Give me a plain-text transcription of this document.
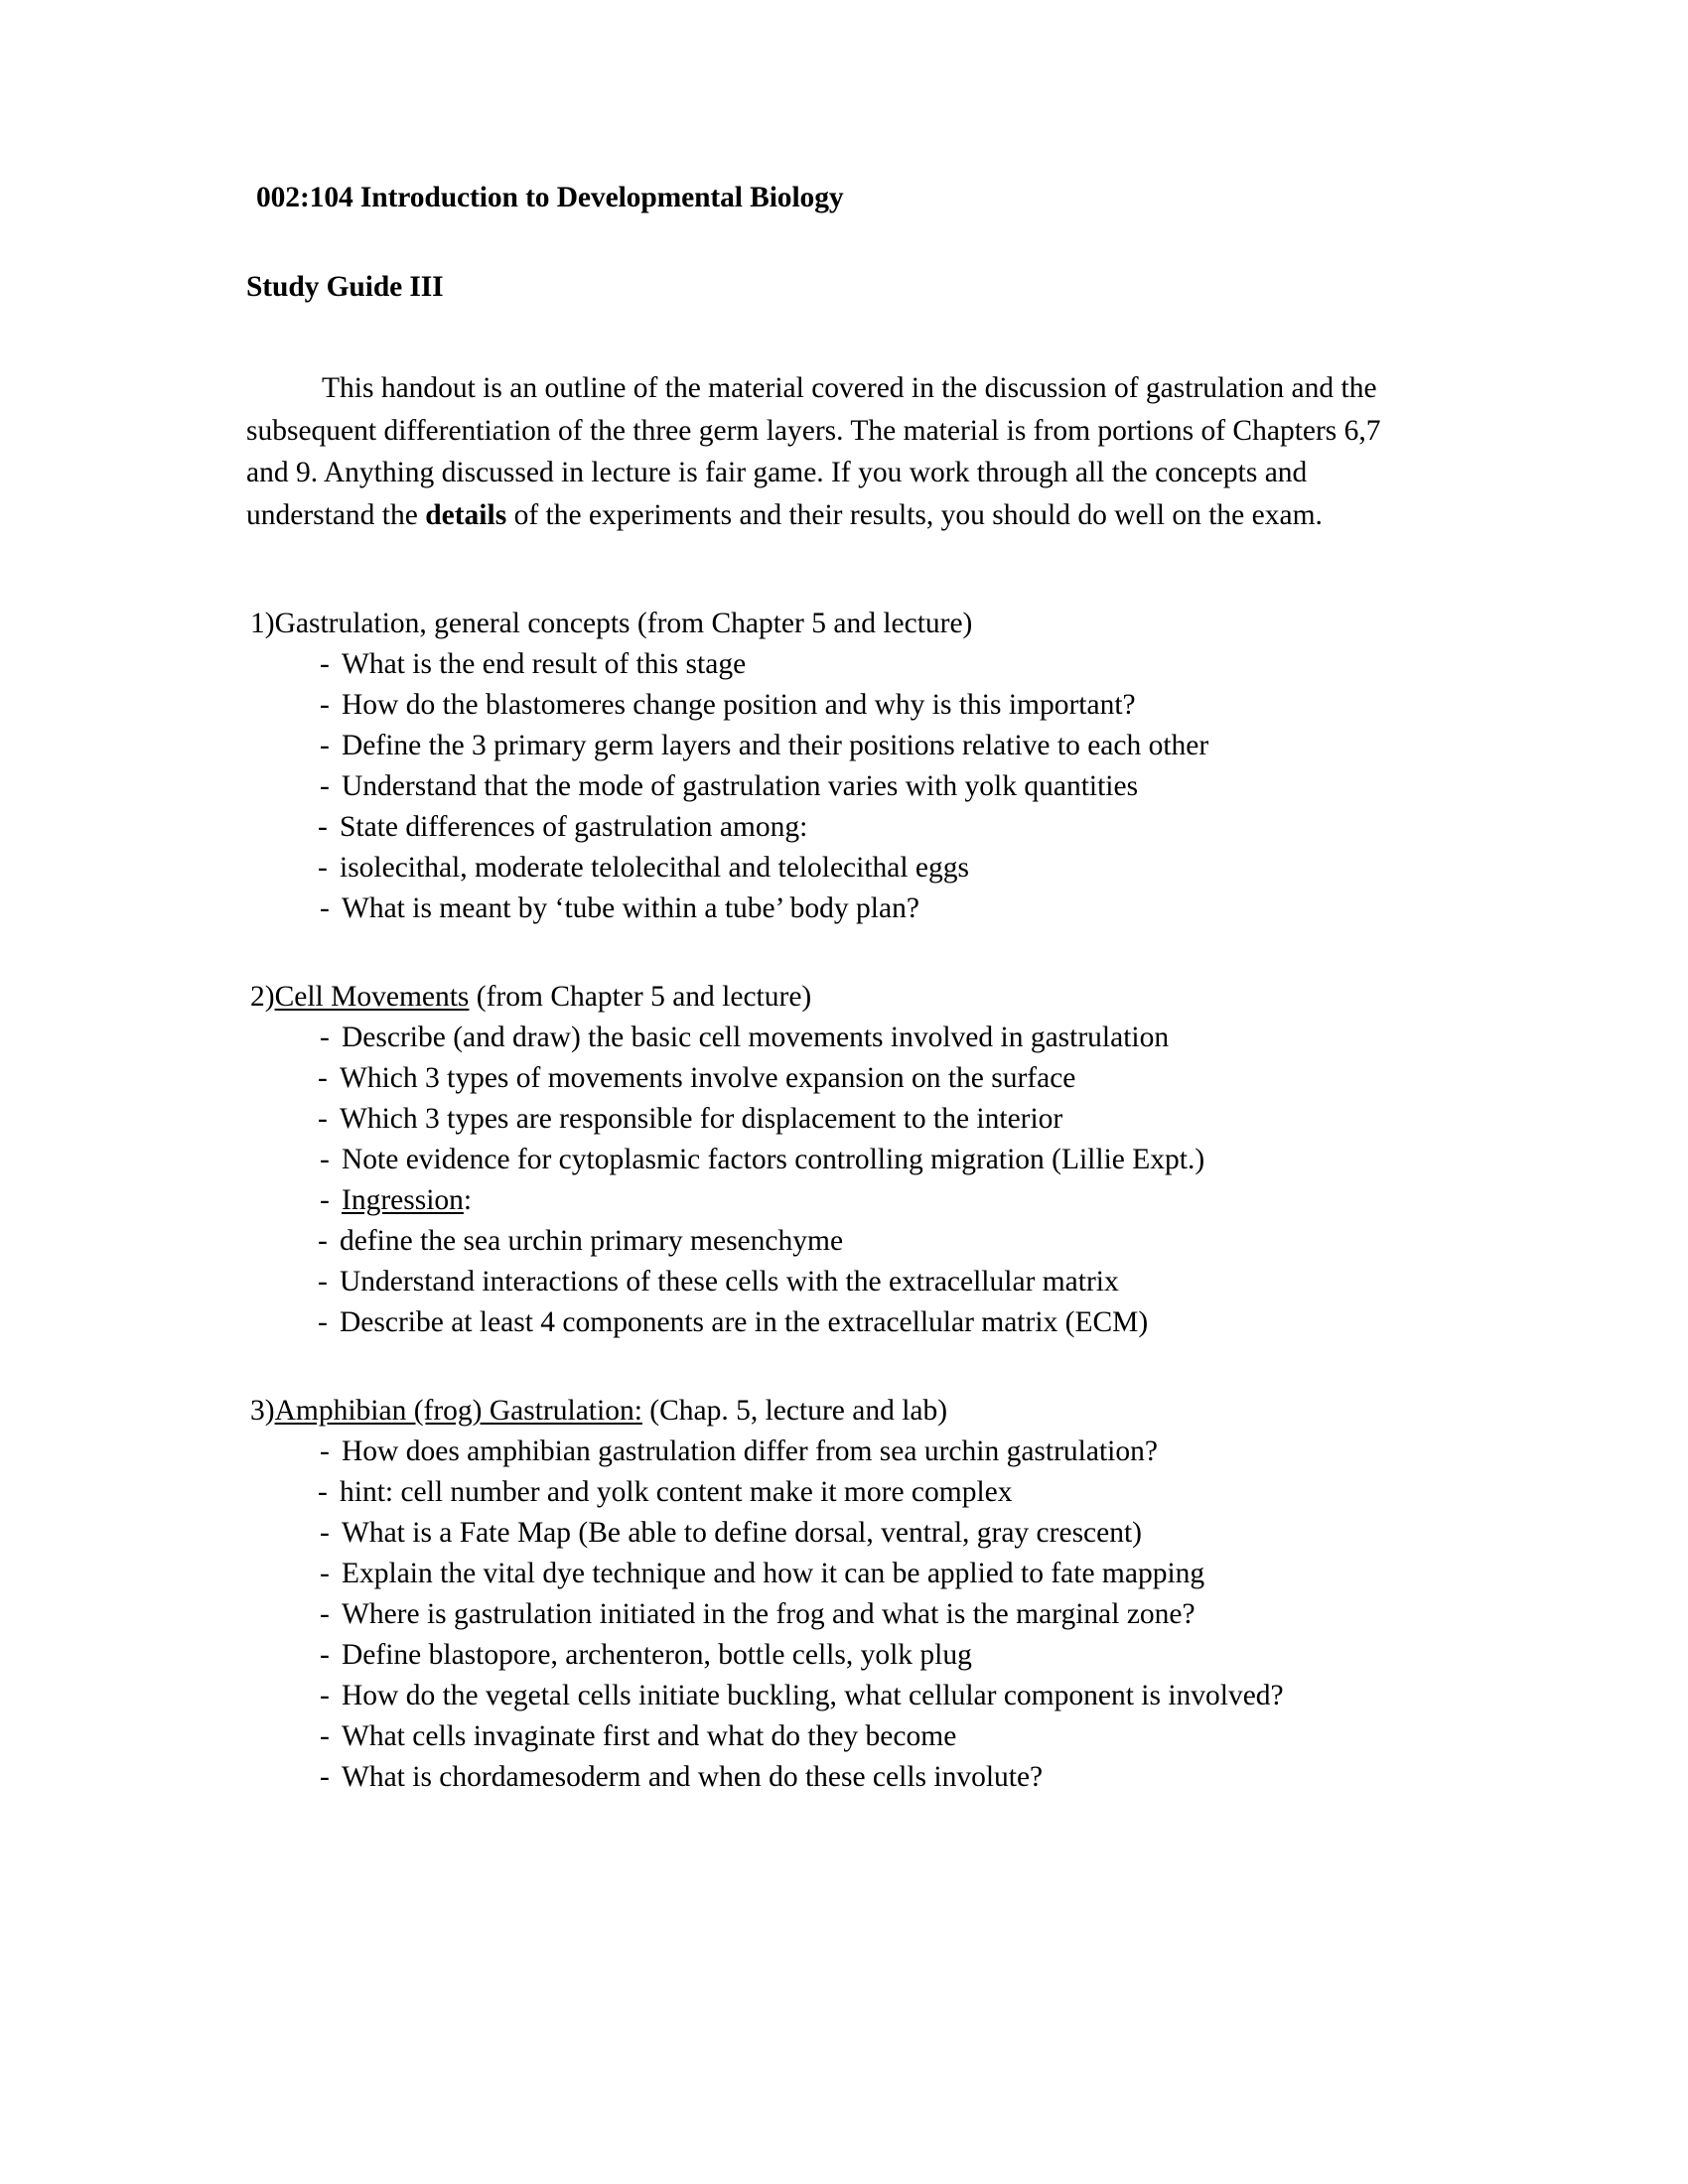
002:104 Introduction to Developmental Biology
Study Guide III

This handout is an outline of the material covered in the discussion of gastrulation and the subsequent differentiation of the three germ layers. The material is from portions of Chapters 6,7 and 9. Anything discussed in lecture is fair game. If you work through all the concepts and understand the details of the experiments and their results, you should do well on the exam.

1)Gastrulation, general concepts (from Chapter 5 and lecture)
- What is the end result of this stage
- How do the blastomeres change position and why is this important?
- Define the 3 primary germ layers and their positions relative to each other
- Understand that the mode of gastrulation varies with yolk quantities
- State differences of gastrulation among:
- isolecithal, moderate telolecithal and telolecithal eggs
- What is meant by ‘tube within a tube’ body plan?
2)Cell Movements (from Chapter 5 and lecture)
- Describe (and draw) the basic cell movements involved in gastrulation
- Which 3 types of movements involve expansion on the surface
- Which 3 types are responsible for displacement to the interior
- Note evidence for cytoplasmic factors controlling migration (Lillie Expt.)
- Ingression:
- define the sea urchin primary mesenchyme
- Understand interactions of these cells with the extracellular matrix
- Describe at least 4 components are in the extracellular matrix (ECM)
3)Amphibian (frog) Gastrulation: (Chap. 5, lecture and lab)
- How does amphibian gastrulation differ from sea urchin gastrulation?
- hint: cell number and yolk content make it more complex
- What is a Fate Map (Be able to define dorsal, ventral, gray crescent)
- Explain the vital dye technique and how it can be applied to fate mapping
- Where is gastrulation initiated in the frog and what is the marginal zone?
- Define blastopore, archenteron, bottle cells, yolk plug
- How do the vegetal cells initiate buckling, what cellular component is involved?
- What cells invaginate first and what do they become
- What is chordamesoderm and when do these cells involute?
